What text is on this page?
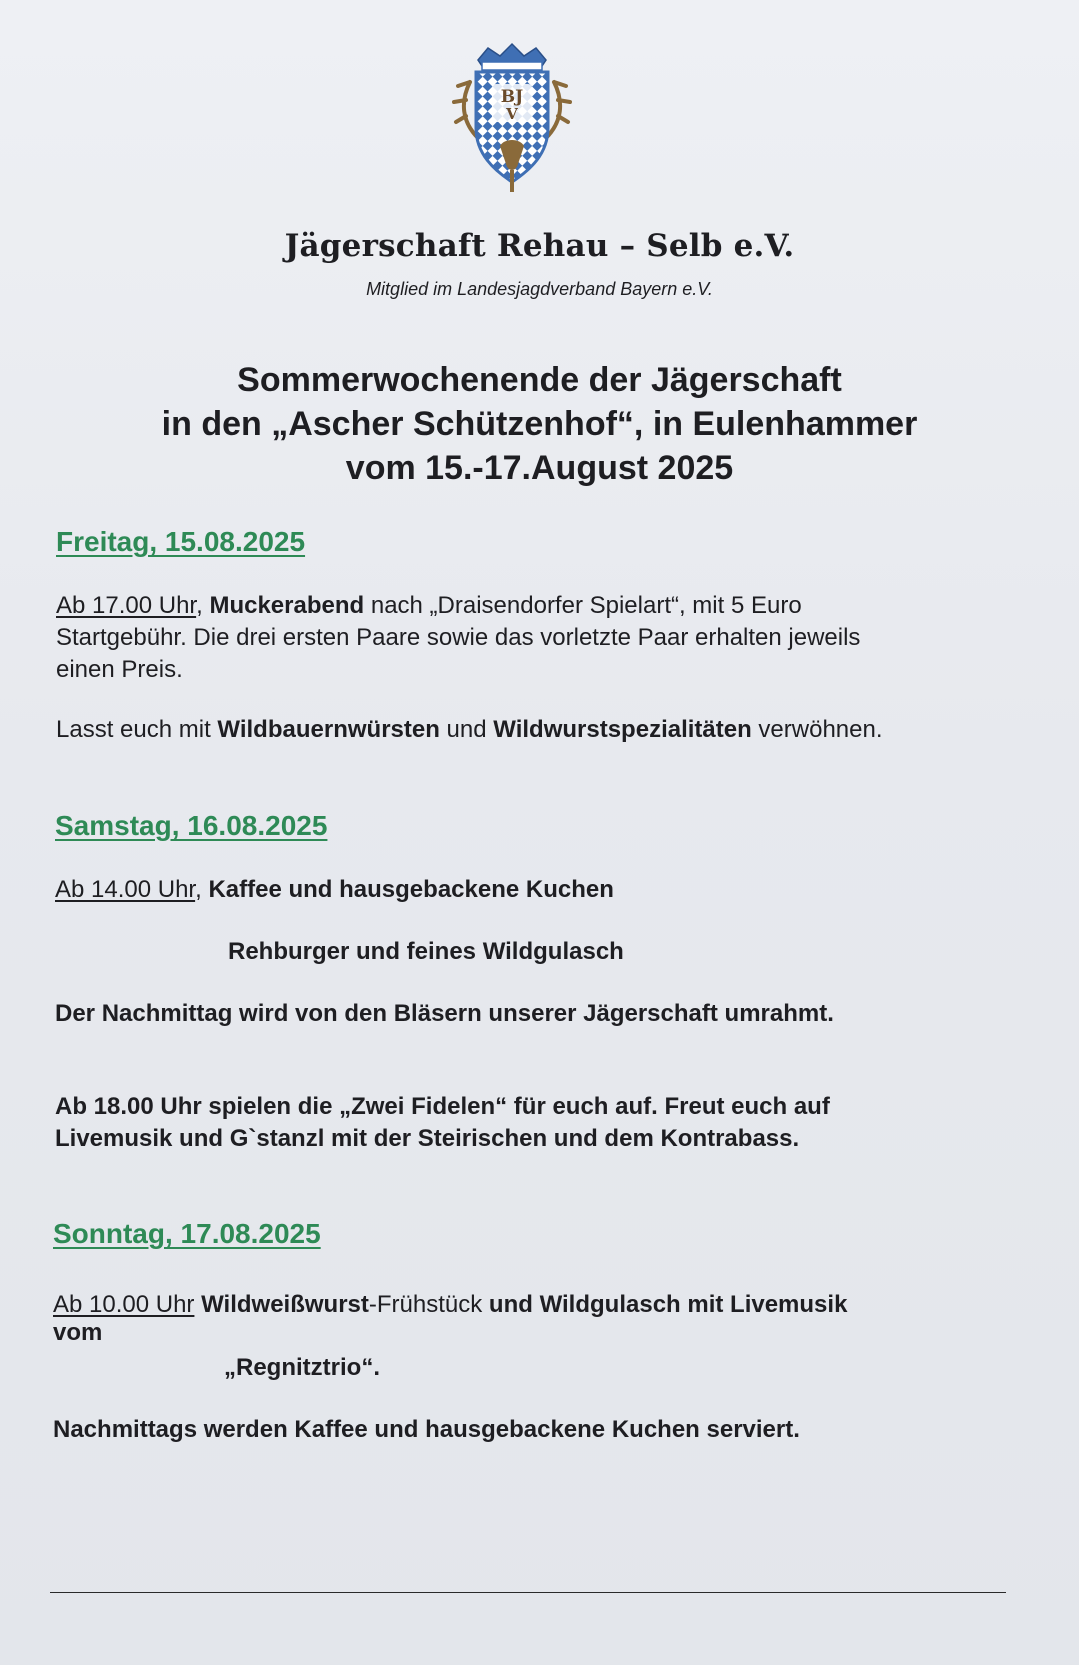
BJ
V
Jägerschaft Rehau – Selb e.V.
Mitglied im Landesjagdverband Bayern e.V.
Sommerwochenende der Jägerschaft
in den „Ascher Schützenhof“, in Eulenhammer
vom 15.-17.August 2025
Freitag, 15.08.2025
Ab 17.00 Uhr, Muckerabend nach „Draisendorfer Spielart“, mit 5 Euro
Startgebühr. Die drei ersten Paare sowie das vorletzte Paar erhalten jeweils
einen Preis.
Lasst euch mit Wildbauernwürsten und Wildwurstspezialitäten verwöhnen.
Samstag, 16.08.2025
Ab 14.00 Uhr, Kaffee und hausgebackene Kuchen
Rehburger und feines Wildgulasch
Der Nachmittag wird von den Bläsern unserer Jägerschaft umrahmt.
Ab 18.00 Uhr spielen die „Zwei Fidelen“ für euch auf. Freut euch auf
Livemusik und G`stanzl mit der Steirischen und dem Kontrabass.
Sonntag, 17.08.2025
Ab 10.00 Uhr Wildweißwurst-Frühstück und Wildgulasch mit Livemusik
vom
„Regnitztrio“.
Nachmittags werden Kaffee und hausgebackene Kuchen serviert.
